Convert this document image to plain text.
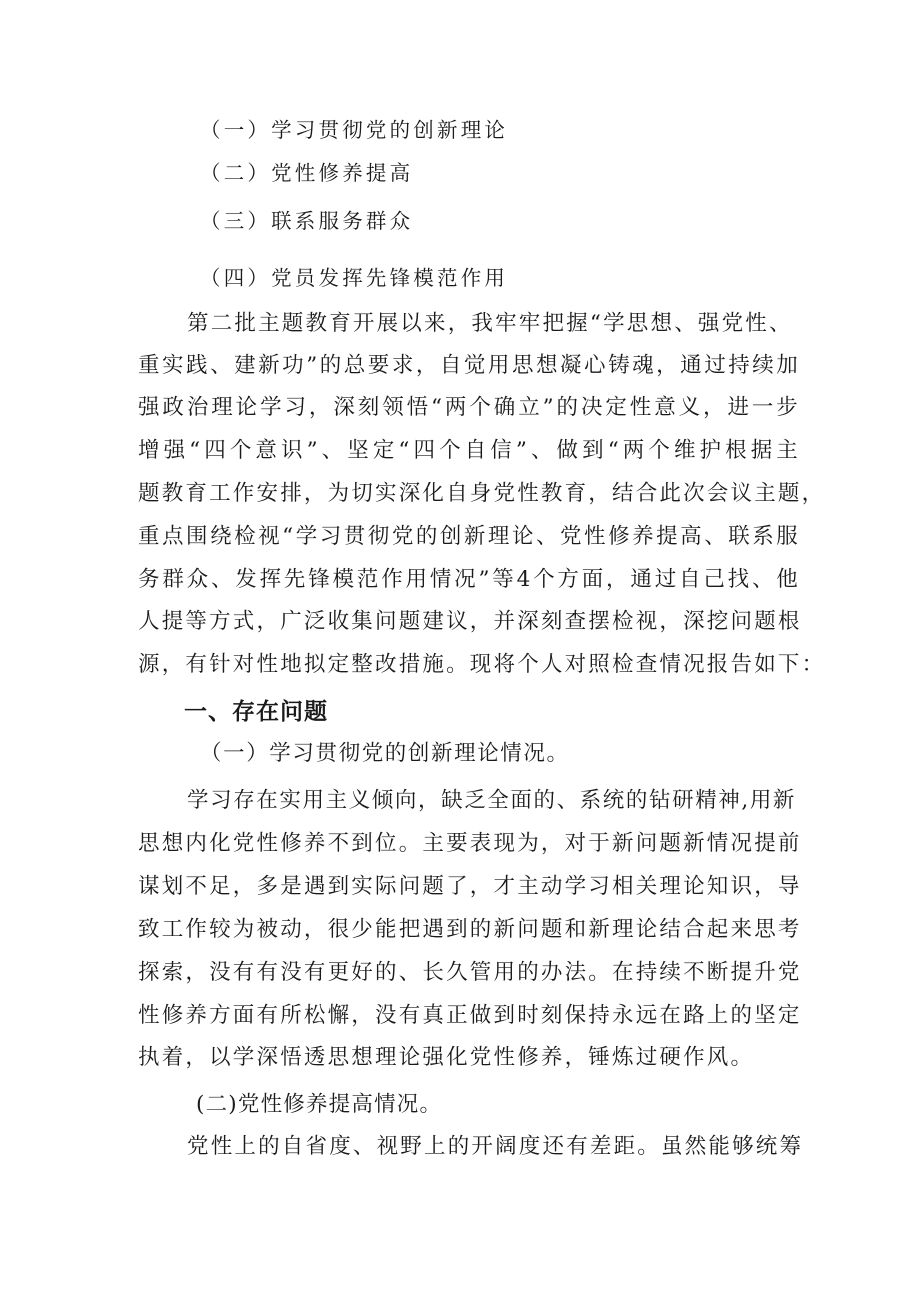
（一）学习贯彻党的创新理论
（二）党性修养提高
（三）联系服务群众
（四）党员发挥先锋模范作用
第二批主题教育开展以来，我牢牢把握“学思想、强党性、
重实践、建新功”的总要求，自觉用思想凝心铸魂，通过持续加
强政治理论学习，深刻领悟“两个确立”的决定性意义，进一步
增强“四个意识”、坚定“四个自信”、做到“两个维护根据主
题教育工作安排，为切实深化自身党性教育，结合此次会议主题，
重点围绕检视“学习贯彻党的创新理论、党性修养提高、联系服
务群众、发挥先锋模范作用情况”等4个方面，通过自己找、他
人提等方式，广泛收集问题建议，并深刻查摆检视，深挖问题根
源，有针对性地拟定整改措施。现将个人对照检查情况报告如下：
一、存在问题
（一）学习贯彻党的创新理论情况。
学习存在实用主义倾向，缺乏全面的、系统的钻研精神,用新
思想内化党性修养不到位。主要表现为，对于新问题新情况提前
谋划不足，多是遇到实际问题了，才主动学习相关理论知识，导
致工作较为被动，很少能把遇到的新问题和新理论结合起来思考
探索，没有有没有更好的、长久管用的办法。在持续不断提升党
性修养方面有所松懈，没有真正做到时刻保持永远在路上的坚定
执着，以学深悟透思想理论强化党性修养，锤炼过硬作风。
(二)党性修养提高情况。
党性上的自省度、视野上的开阔度还有差距。虽然能够统筹
